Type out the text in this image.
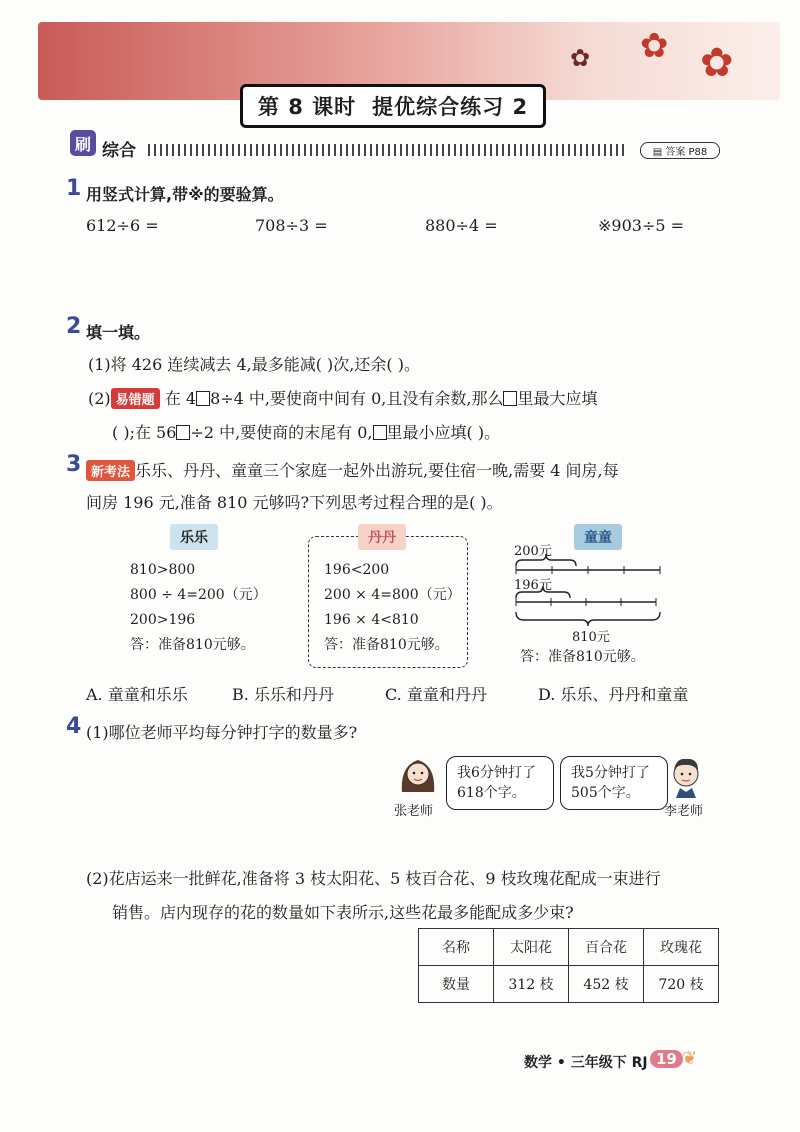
✿ ✿
✿
第 8 课时 提优综合练习 2
刷 综合	▤ 答案 P88
1 用竖式计算,带※的要验算。
612÷6 =	708÷3 =	880÷4 =	※903÷5 =
2 填一填。
(1)将 426 连续减去 4,最多能减( )次,还余( )。
(2) 易错题 在 4 8÷4 中,要使商中间有 0,且没有余数,那么 里最大应填
( );在 56 ÷2 中,要使商的末尾有 0, 里最小应填( )。
3 新考法 乐乐、丹丹、童童三个家庭一起外出游玩,要住宿一晚,需要 4 间房,每
间房 196 元,准备 810 元够吗?下列思考过程合理的是( )。
乐乐
810>800
800 ÷ 4=200（元）
200>196
答：准备810元够。
丹丹
196<200
200 × 4=800（元）
196 × 4<810
答：准备810元够。
童童
200元
196元
810元
答：准备810元够。
A. 童童和乐乐	B. 乐乐和丹丹	C. 童童和丹丹	D. 乐乐、丹丹和童童
4 (1)哪位老师平均每分钟打字的数量多?
张老师
我6分钟打了
618个字。
我5分钟打了
505个字。
李老师
(2)花店运来一批鲜花,准备将 3 枝太阳花、5 枝百合花、9 枝玫瑰花配成一束进行
销售。店内现存的花的数量如下表所示,这些花最多能配成多少束?
名称	太阳花	百合花	玫瑰花
数量	312 枝	452 枝	720 枝
数学 • 三年级下 RJ 19 ❦
